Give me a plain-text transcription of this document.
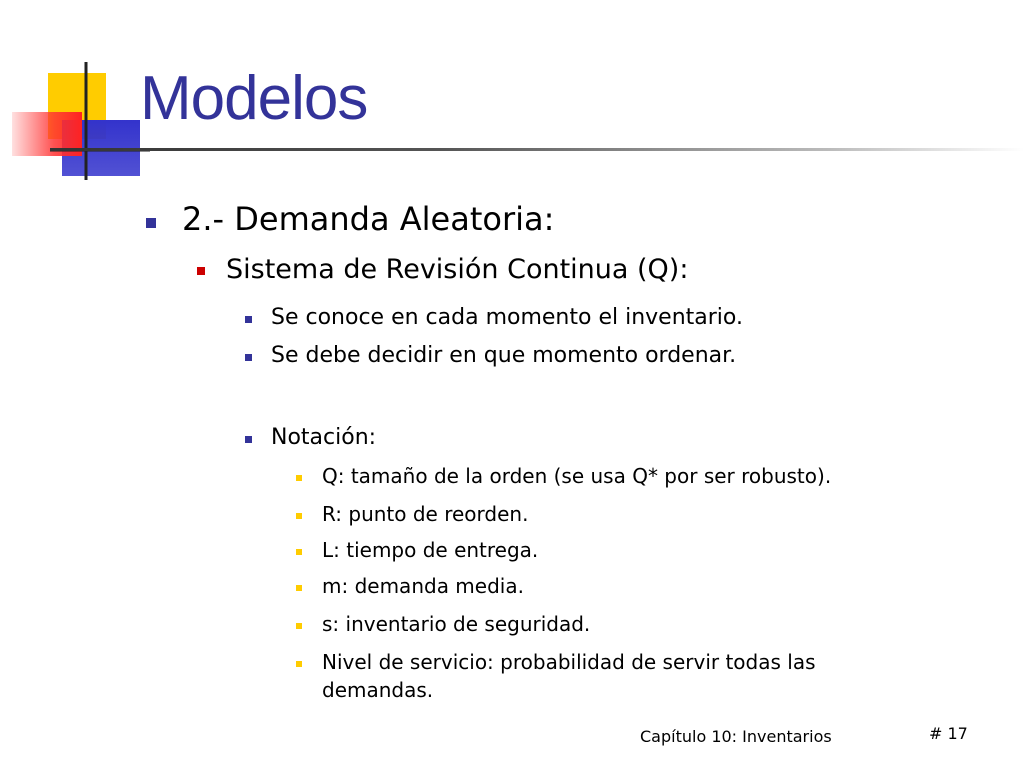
Modelos
2.- Demanda Aleatoria:
Sistema de Revisión Continua (Q):
Se conoce en cada momento el inventario.
Se debe decidir en que momento ordenar.
Notación:
Q: tamaño de la orden (se usa Q* por ser robusto).
R: punto de reorden.
L: tiempo de entrega.
m: demanda media.
s: inventario de seguridad.
Nivel de servicio: probabilidad de servir todas las demandas.
Capítulo 10: Inventarios	# 17
